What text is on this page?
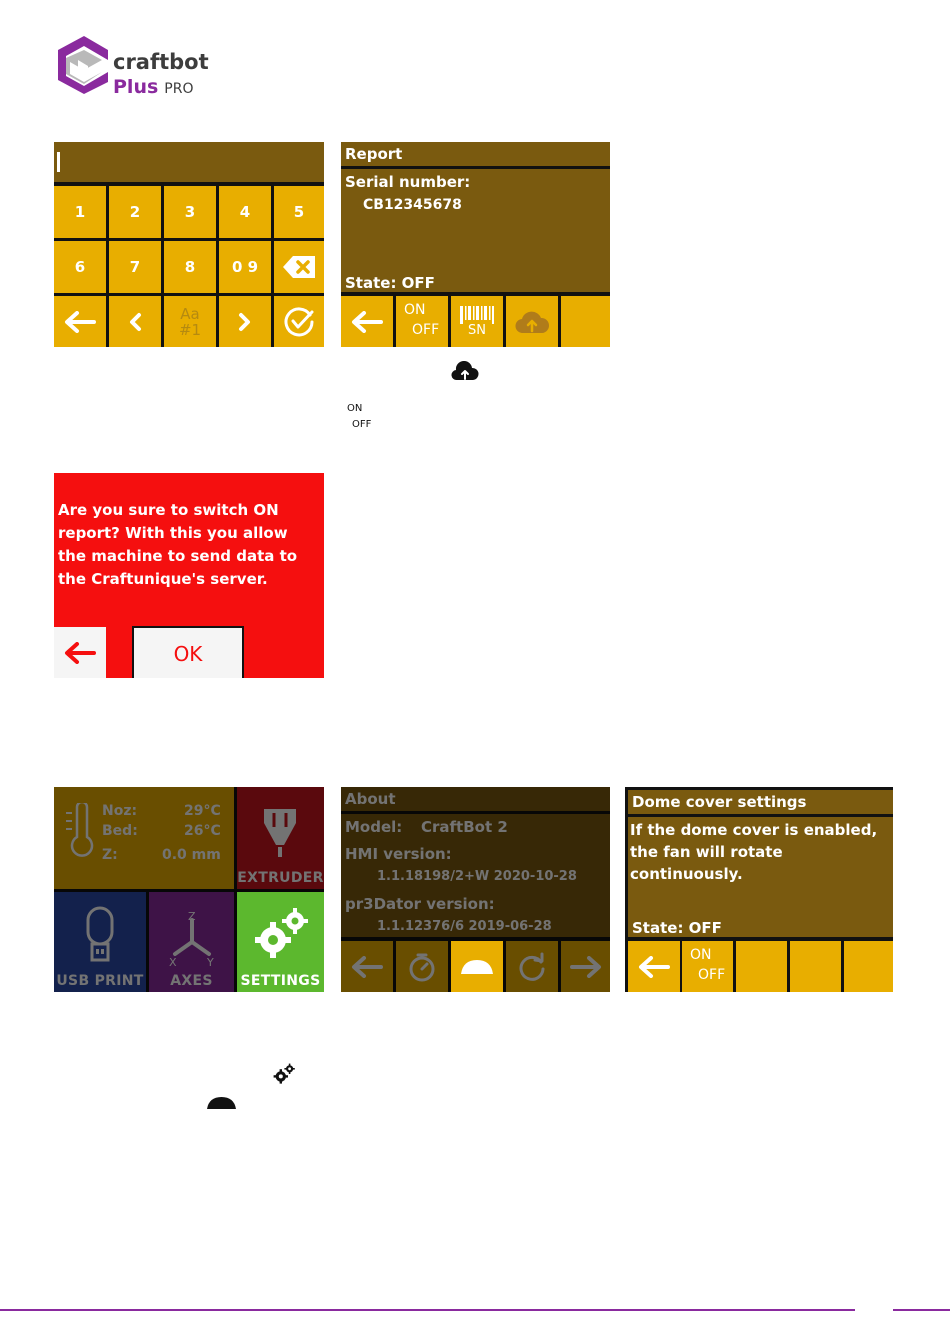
craftbot
Plus PRO
1	2	3	4	5
6	7	8	0 9
Aa
#1
Report
Serial number:
CB12345678
State: OFF
ON
OFF SN
ON
OFF
Are you sure to switch ON report? With this you allow the machine to send data to the Craftunique's server.
OK
SETTINGS
Dome cover settings
If the dome cover is enabled, the fan will rotate continuously.
State: OFF
ON
OFF
